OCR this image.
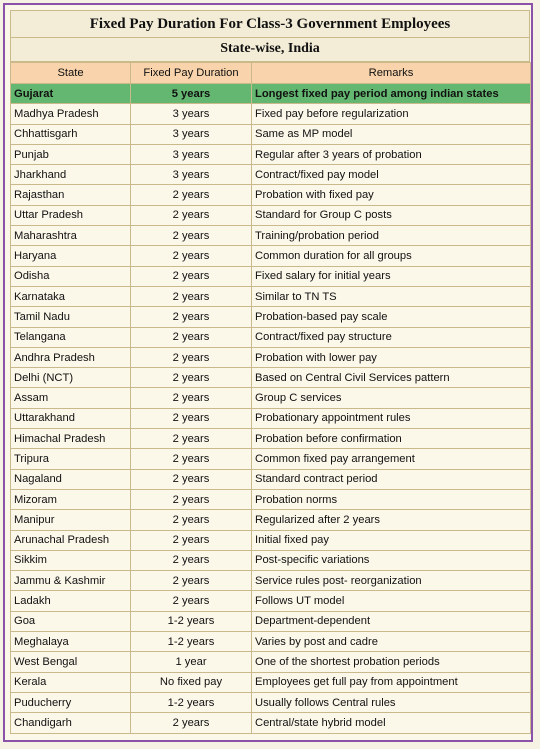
Fixed Pay Duration For Class-3 Government Employees
State-wise, India
State	Fixed Pay Duration	Remarks
Gujarat	5 years	Longest fixed pay period among indian states
Madhya Pradesh	3 years	Fixed pay before regularization
Chhattisgarh	3 years	Same as MP model
Punjab	3 years	Regular after 3 years of probation
Jharkhand	3 years	Contract/fixed pay model
Rajasthan	2 years	Probation with fixed pay
Uttar Pradesh	2 years	Standard for Group C posts
Maharashtra	2 years	Training/probation period
Haryana	2 years	Common duration for all groups
Odisha	2 years	Fixed salary for initial years
Karnataka	2 years	Similar to TN TS
Tamil Nadu	2 years	Probation-based pay scale
Telangana	2 years	Contract/fixed pay structure
Andhra Pradesh	2 years	Probation with lower pay
Delhi (NCT)	2 years	Based on Central Civil Services pattern
Assam	2 years	Group C services
Uttarakhand	2 years	Probationary appointment rules
Himachal Pradesh	2 years	Probation before confirmation
Tripura	2 years	Common fixed pay arrangement
Nagaland	2 years	Standard contract period
Mizoram	2 years	Probation norms
Manipur	2 years	Regularized after 2 years
Arunachal Pradesh	2 years	Initial fixed pay
Sikkim	2 years	Post-specific variations
Jammu & Kashmir	2 years	Service rules post- reorganization
Ladakh	2 years	Follows UT model
Goa	1-2 years	Department-dependent
Meghalaya	1-2 years	Varies by post and cadre
West Bengal	1 year	One of the shortest probation periods
Kerala	No fixed pay	Employees get full pay from appointment
Puducherry	1-2 years	Usually follows Central rules
Chandigarh	2 years	Central/state hybrid model
